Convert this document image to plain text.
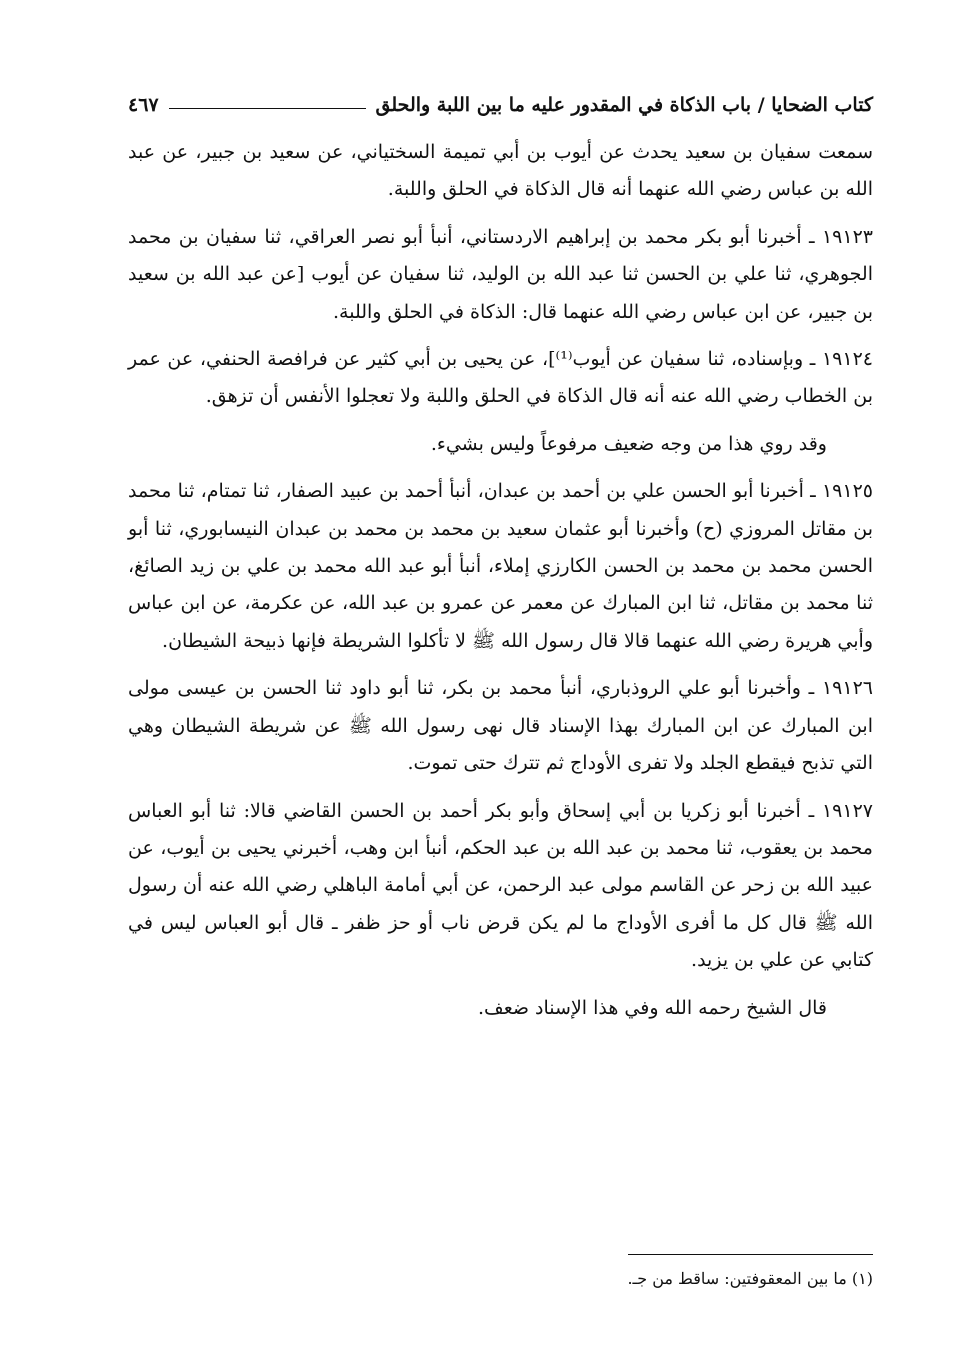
كتاب الضحايا / باب الذكاة في المقدور عليه ما بين اللبة والحلق
٤٦٧
سمعت سفيان بن سعيد يحدث عن أيوب بن أبي تميمة السختياني، عن سعيد بن جبير، عن عبد الله بن عباس رضي الله عنهما أنه قال الذكاة في الحلق واللبة.
١٩١٢٣ ـ أخبرنا أبو بكر محمد بن إبراهيم الاردستاني، أنبأ أبو نصر العراقي، ثنا سفيان بن محمد الجوهري، ثنا علي بن الحسن ثنا عبد الله بن الوليد، ثنا سفيان عن أيوب [عن عبد الله بن سعيد بن جبير، عن ابن عباس رضي الله عنهما قال: الذكاة في الحلق واللبة.
١٩١٢٤ ـ وبإسناده، ثنا سفيان عن أيوب⁽¹⁾]، عن يحيى بن أبي كثير عن فرافصة الحنفي، عن عمر بن الخطاب رضي الله عنه أنه قال الذكاة في الحلق واللبة ولا تعجلوا الأنفس أن تزهق.
وقد روي هذا من وجه ضعيف مرفوعاً وليس بشيء.
١٩١٢٥ ـ أخبرنا أبو الحسن علي بن أحمد بن عبدان، أنبأ أحمد بن عبيد الصفار، ثنا تمتام، ثنا محمد بن مقاتل المروزي (ح) وأخبرنا أبو عثمان سعيد بن محمد بن محمد بن عبدان النيسابوري، ثنا أبو الحسن محمد بن محمد بن الحسن الكارزي إملاء، أنبأ أبو عبد الله محمد بن علي بن زيد الصائغ، ثنا محمد بن مقاتل، ثنا ابن المبارك عن معمر عن عمرو بن عبد الله، عن عكرمة، عن ابن عباس وأبي هريرة رضي الله عنهما قالا قال رسول الله ﷺ لا تأكلوا الشريطة فإنها ذبيحة الشيطان.
١٩١٢٦ ـ وأخبرنا أبو علي الروذباري، أنبأ محمد بن بكر، ثنا أبو داود ثنا الحسن بن عيسى مولى ابن المبارك عن ابن المبارك بهذا الإسناد قال نهى رسول الله ﷺ عن شريطة الشيطان وهي التي تذبح فيقطع الجلد ولا تفرى الأوداج ثم تترك حتى تموت.
١٩١٢٧ ـ أخبرنا أبو زكريا بن أبي إسحاق وأبو بكر أحمد بن الحسن القاضي قالا: ثنا أبو العباس محمد بن يعقوب، ثنا محمد بن عبد الله بن عبد الحكم، أنبأ ابن وهب، أخبرني يحيى بن أيوب، عن عبيد الله بن زحر عن القاسم مولى عبد الرحمن، عن أبي أمامة الباهلي رضي الله عنه أن رسول الله ﷺ قال كل ما أفرى الأوداج ما لم يكن قرض ناب أو حز ظفر ـ قال أبو العباس ليس في كتابي عن علي بن يزيد.
قال الشيخ رحمه الله وفي هذا الإسناد ضعف.
(١) ما بين المعقوفتين: ساقط من جـ.
